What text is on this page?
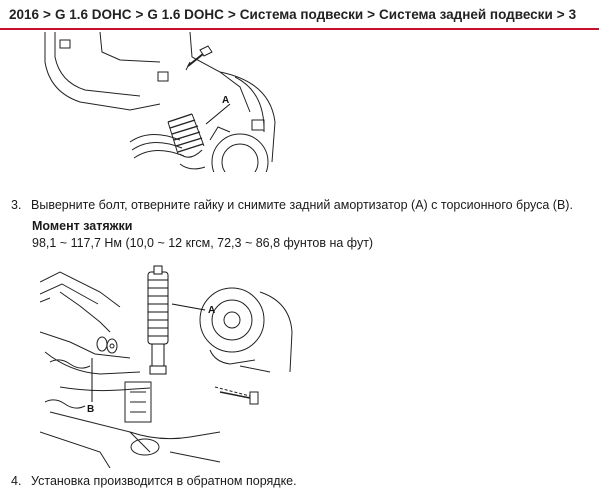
2016 > G 1.6 DOHC > G 1.6 DOHC > Система подвески > Система задней подвески > 3
A
3. Выверните болт, отверните гайку и снимите задний амортизатор (A) с торсионного бруса (B).
Момент затяжки
98,1 ~ 117,7 Нм (10,0 ~ 12 кгсм, 72,3 ~ 86,8 фунтов на фут)
A
B
4. Установка производится в обратном порядке.
